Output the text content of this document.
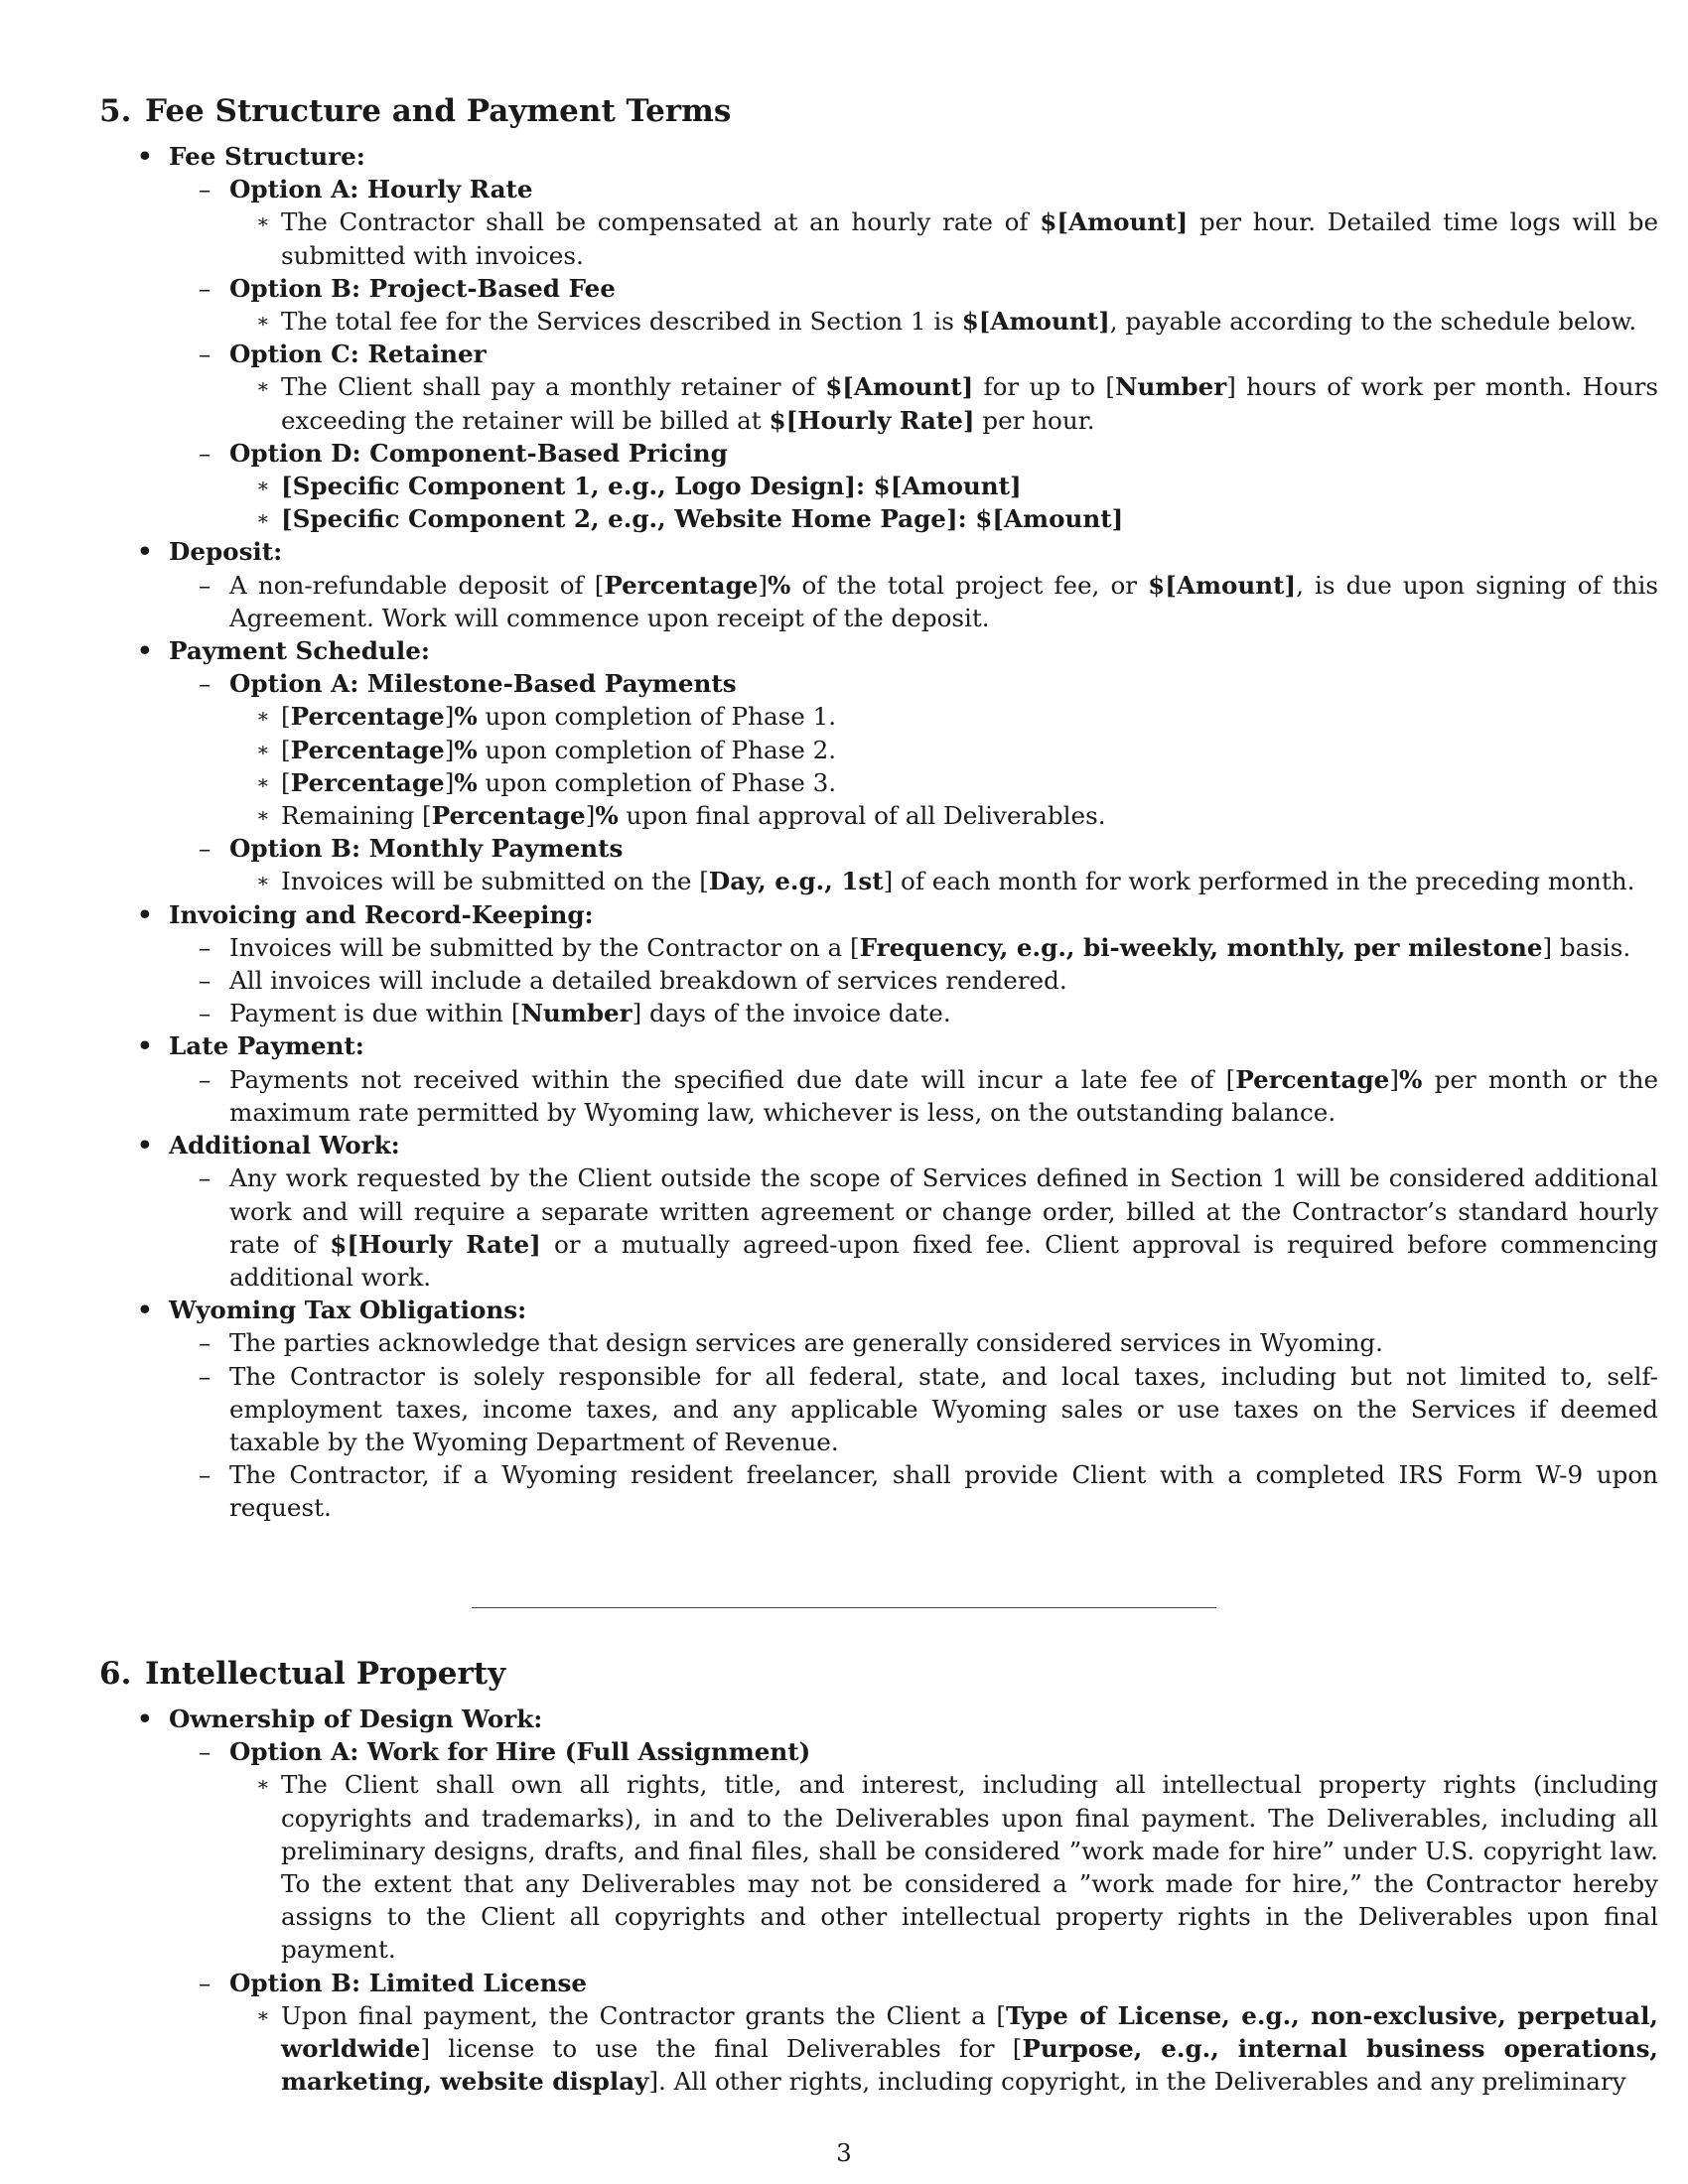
5. Fee Structure and Payment Terms
• Fee Structure:
– Option A: Hourly Rate
∗ The Contractor shall be compensated at an hourly rate of $[Amount] per hour. Detailed time logs will be submitted with invoices.
– Option B: Project-Based Fee
∗ The total fee for the Services described in Section 1 is $[Amount], payable according to the schedule below.
– Option C: Retainer
∗ The Client shall pay a monthly retainer of $[Amount] for up to [Number] hours of work per month. Hours exceeding the retainer will be billed at $[Hourly Rate] per hour.
– Option D: Component-Based Pricing
∗ [Specific Component 1, e.g., Logo Design]: $[Amount]
∗ [Specific Component 2, e.g., Website Home Page]: $[Amount]
• Deposit:
– A non-refundable deposit of [Percentage]% of the total project fee, or $[Amount], is due upon signing of this Agreement. Work will commence upon receipt of the deposit.
• Payment Schedule:
– Option A: Milestone-Based Payments
∗ [Percentage]% upon completion of Phase 1.
∗ [Percentage]% upon completion of Phase 2.
∗ [Percentage]% upon completion of Phase 3.
∗ Remaining [Percentage]% upon final approval of all Deliverables.
– Option B: Monthly Payments
∗ Invoices will be submitted on the [Day, e.g., 1st] of each month for work performed in the preceding month.
• Invoicing and Record-Keeping:
– Invoices will be submitted by the Contractor on a [Frequency, e.g., bi-weekly, monthly, per milestone] basis.
– All invoices will include a detailed breakdown of services rendered.
– Payment is due within [Number] days of the invoice date.
• Late Payment:
– Payments not received within the specified due date will incur a late fee of [Percentage]% per month or the maximum rate permitted by Wyoming law, whichever is less, on the outstanding balance.
• Additional Work:
– Any work requested by the Client outside the scope of Services defined in Section 1 will be considered additional work and will require a separate written agreement or change order, billed at the Contractor’s standard hourly rate of $[Hourly Rate] or a mutually agreed-upon fixed fee. Client approval is required before commencing additional work.
• Wyoming Tax Obligations:
– The parties acknowledge that design services are generally considered services in Wyoming.
– The Contractor is solely responsible for all federal, state, and local taxes, including but not limited to, self-employment taxes, income taxes, and any applicable Wyoming sales or use taxes on the Services if deemed taxable by the Wyoming Department of Revenue.
– The Contractor, if a Wyoming resident freelancer, shall provide Client with a completed IRS Form W-9 upon request.
6. Intellectual Property
• Ownership of Design Work:
– Option A: Work for Hire (Full Assignment)
∗ The Client shall own all rights, title, and interest, including all intellectual property rights (including copyrights and trademarks), in and to the Deliverables upon final payment. The Deliverables, including all preliminary designs, drafts, and final files, shall be considered ”work made for hire” under U.S. copyright law. To the extent that any Deliverables may not be considered a ”work made for hire,” the Contractor hereby assigns to the Client all copyrights and other intellectual property rights in the Deliverables upon final payment.
– Option B: Limited License
∗ Upon final payment, the Contractor grants the Client a [Type of License, e.g., non-exclusive, perpetual, worldwide] license to use the final Deliverables for [Purpose, e.g., internal business operations, marketing, website display]. All other rights, including copyright, in the Deliverables and any preliminary
3
